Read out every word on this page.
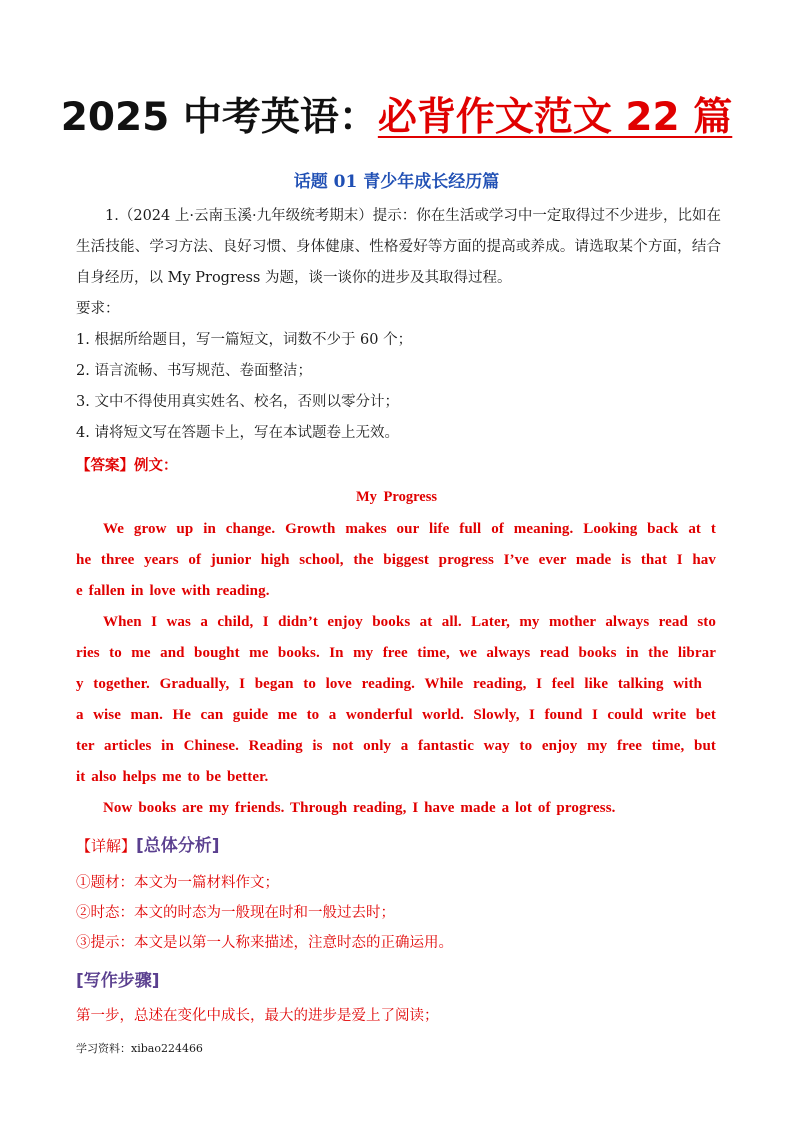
2025 中考英语：必背作文范文 22 篇
话题 01 青少年成长经历篇

1.（2024 上·云南玉溪·九年级统考期末）提示：你在生活或学习中一定取得过不少进步，比如在生活技能、学习方法、良好习惯、身体健康、性格爱好等方面的提高或养成。请选取某个方面，结合自身经历，以 My Progress 为题，谈一谈你的进步及其取得过程。

要求：
1. 根据所给题目，写一篇短文，词数不少于 60 个；
2. 语言流畅、书写规范、卷面整洁；
3. 文中不得使用真实姓名、校名，否则以零分计；
4. 请将短文写在答题卡上，写在本试题卷上无效。
【答案】例文：
My Progress
We grow up in change. Growth makes our life full of meaning. Looking back at t
he three years of junior high school, the biggest progress I’ve ever made is that I hav
e fallen in love with reading.
When I was a child, I didn’t enjoy books at all. Later, my mother always read sto
ries to me and bought me books. In my free time, we always read books in the librar
y together. Gradually, I began to love reading. While reading, I feel like talking with
a wise man. He can guide me to a wonderful world. Slowly, I found I could write bet
ter articles in Chinese. Reading is not only a fantastic way to enjoy my free time, but
it also helps me to be better.
Now books are my friends. Through reading, I have made a lot of progress.
【详解】[总体分析]
①题材：本文为一篇材料作文；
②时态：本文的时态为一般现在时和一般过去时；
③提示：本文是以第一人称来描述，注意时态的正确运用。
[写作步骤]
第一步，总述在变化中成长，最大的进步是爱上了阅读；
学习资料：xibao224466
